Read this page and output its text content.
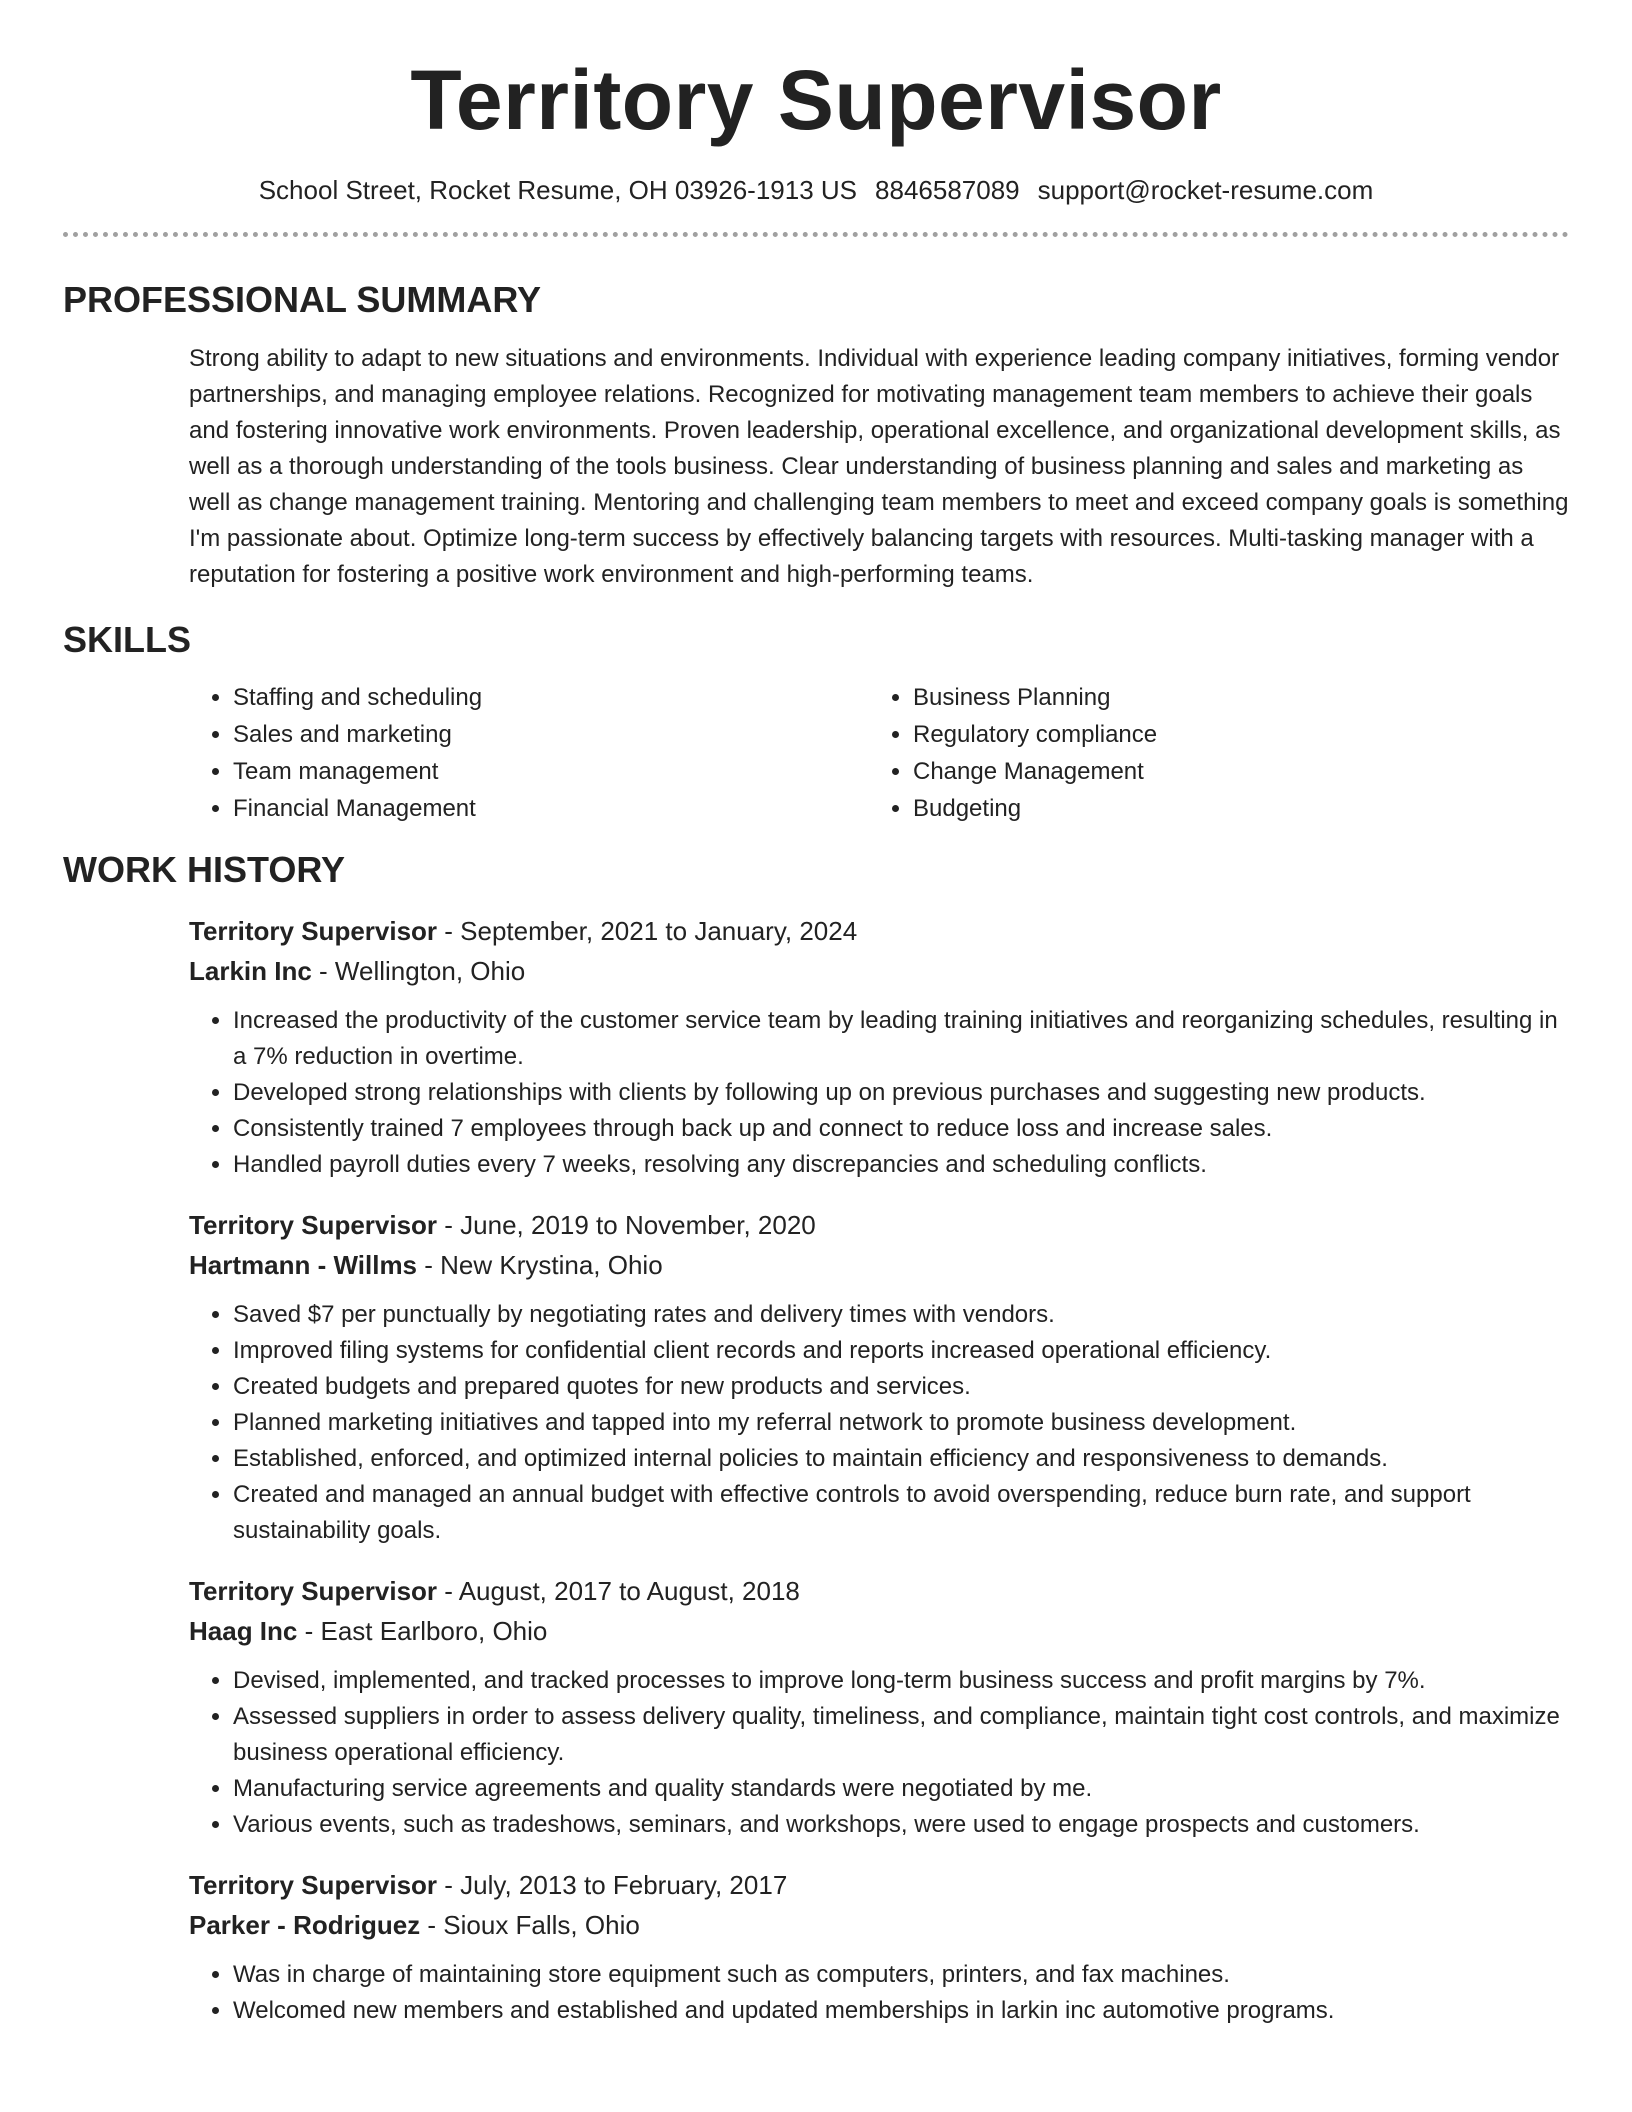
Territory Supervisor
School Street, Rocket Resume, OH 03926-1913 US 8846587089 support@rocket-resume.com
PROFESSIONAL SUMMARY

Strong ability to adapt to new situations and environments. Individual with experience leading company initiatives, forming vendor partnerships, and managing employee relations. Recognized for motivating management team members to achieve their goals and fostering innovative work environments. Proven leadership, operational excellence, and organizational development skills, as well as a thorough understanding of the tools business. Clear understanding of business planning and sales and marketing as well as change management training. Mentoring and challenging team members to meet and exceed company goals is something I'm passionate about. Optimize long-term success by effectively balancing targets with resources. Multi-tasking manager with a reputation for fostering a positive work environment and high-performing teams.

SKILLS
• Staffing and scheduling
• Sales and marketing
• Team management
• Financial Management
• Business Planning
• Regulatory compliance
• Change Management
• Budgeting
WORK HISTORY
Territory Supervisor - September, 2021 to January, 2024
Larkin Inc - Wellington, Ohio
• Increased the productivity of the customer service team by leading training initiatives and reorganizing schedules, resulting in a 7% reduction in overtime.
• Developed strong relationships with clients by following up on previous purchases and suggesting new products.
• Consistently trained 7 employees through back up and connect to reduce loss and increase sales.
• Handled payroll duties every 7 weeks, resolving any discrepancies and scheduling conflicts.
Territory Supervisor - June, 2019 to November, 2020
Hartmann - Willms - New Krystina, Ohio
• Saved $7 per punctually by negotiating rates and delivery times with vendors.
• Improved filing systems for confidential client records and reports increased operational efficiency.
• Created budgets and prepared quotes for new products and services.
• Planned marketing initiatives and tapped into my referral network to promote business development.
• Established, enforced, and optimized internal policies to maintain efficiency and responsiveness to demands.
• Created and managed an annual budget with effective controls to avoid overspending, reduce burn rate, and support sustainability goals.
Territory Supervisor - August, 2017 to August, 2018
Haag Inc - East Earlboro, Ohio
• Devised, implemented, and tracked processes to improve long-term business success and profit margins by 7%.
• Assessed suppliers in order to assess delivery quality, timeliness, and compliance, maintain tight cost controls, and maximize business operational efficiency.
• Manufacturing service agreements and quality standards were negotiated by me.
• Various events, such as tradeshows, seminars, and workshops, were used to engage prospects and customers.
Territory Supervisor - July, 2013 to February, 2017
Parker - Rodriguez - Sioux Falls, Ohio
• Was in charge of maintaining store equipment such as computers, printers, and fax machines.
• Welcomed new members and established and updated memberships in larkin inc automotive programs.
